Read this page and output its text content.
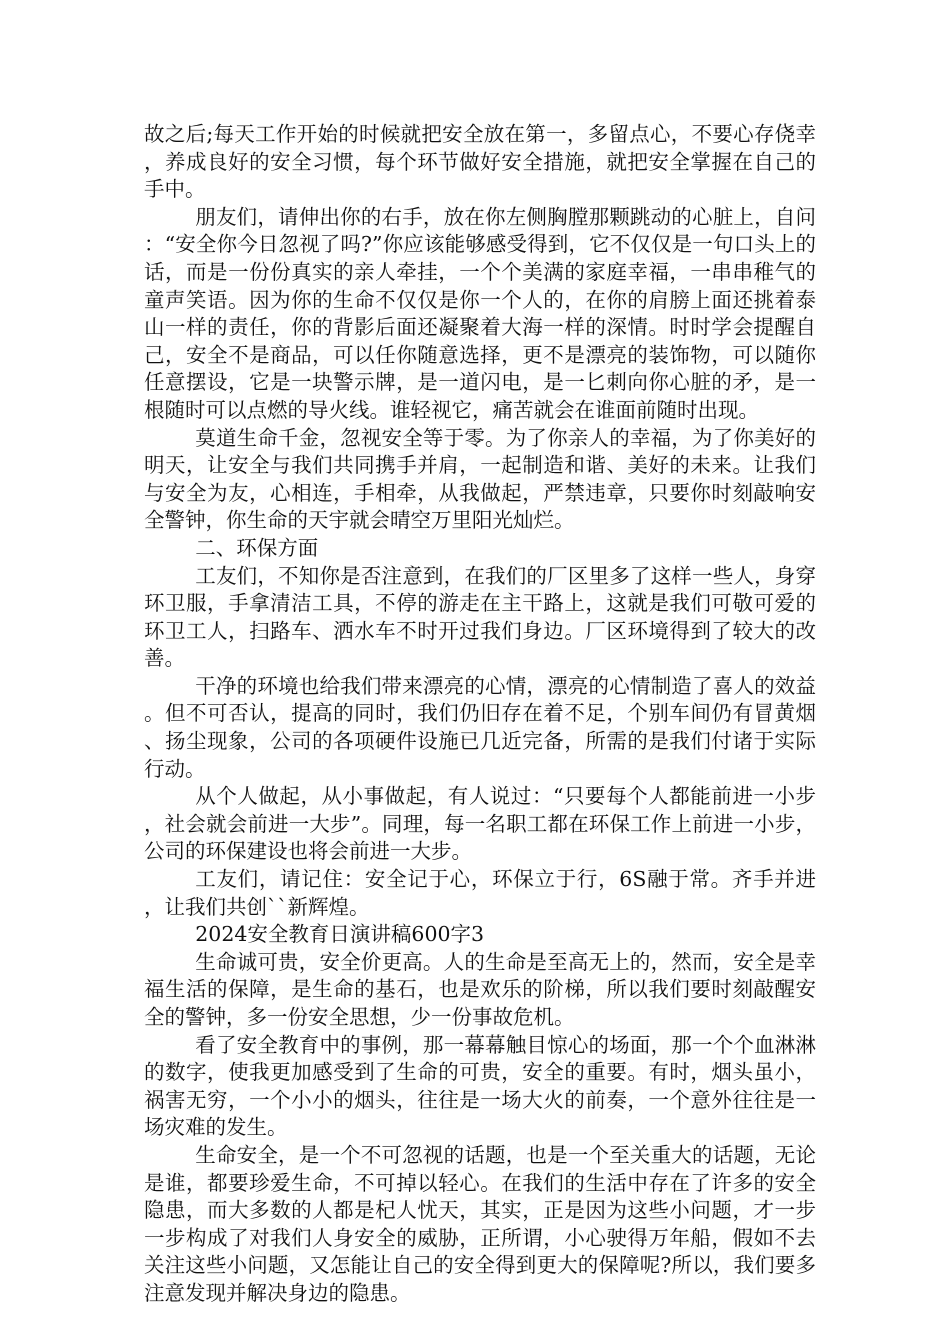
故之后;每天工作开始的时候就把安全放在第一，多留点心，不要心存侥幸，养成良好的安全习惯，每个环节做好安全措施，就把安全掌握在自己的手中。

朋友们，请伸出你的右手，放在你左侧胸膛那颗跳动的心脏上，自问：“安全你今日忽视了吗?”你应该能够感受得到，它不仅仅是一句口头上的话，而是一份份真实的亲人牵挂，一个个美满的家庭幸福，一串串稚气的童声笑语。因为你的生命不仅仅是你一个人的，在你的肩膀上面还挑着泰山一样的责任，你的背影后面还凝聚着大海一样的深情。时时学会提醒自己，安全不是商品，可以任你随意选择，更不是漂亮的装饰物，可以随你任意摆设，它是一块警示牌，是一道闪电，是一匕刺向你心脏的矛，是一根随时可以点燃的导火线。谁轻视它，痛苦就会在谁面前随时出现。

莫道生命千金，忽视安全等于零。为了你亲人的幸福，为了你美好的明天，让安全与我们共同携手并肩，一起制造和谐、美好的未来。让我们与安全为友，心相连，手相牵，从我做起，严禁违章，只要你时刻敲响安全警钟，你生命的天宇就会晴空万里阳光灿烂。

二、环保方面

工友们，不知你是否注意到，在我们的厂区里多了这样一些人，身穿环卫服，手拿清洁工具，不停的游走在主干路上，这就是我们可敬可爱的环卫工人，扫路车、洒水车不时开过我们身边。厂区环境得到了较大的改善。

干净的环境也给我们带来漂亮的心情，漂亮的心情制造了喜人的效益。但不可否认，提高的同时，我们仍旧存在着不足，个别车间仍有冒黄烟、扬尘现象，公司的各项硬件设施已几近完备，所需的是我们付诸于实际行动。

从个人做起，从小事做起，有人说过：“只要每个人都能前进一小步，社会就会前进一大步”。同理，每一名职工都在环保工作上前进一小步，公司的环保建设也将会前进一大步。

工友们，请记住：安全记于心，环保立于行，6S融于常。齐手并进，让我们共创``新辉煌。

2024安全教育日演讲稿600字3

生命诚可贵，安全价更高。人的生命是至高无上的，然而，安全是幸福生活的保障，是生命的基石，也是欢乐的阶梯，所以我们要时刻敲醒安全的警钟，多一份安全思想，少一份事故危机。

看了安全教育中的事例，那一幕幕触目惊心的场面，那一个个血淋淋的数字，使我更加感受到了生命的可贵，安全的重要。有时，烟头虽小，祸害无穷，一个小小的烟头，往往是一场大火的前奏，一个意外往往是一场灾难的发生。

生命安全，是一个不可忽视的话题，也是一个至关重大的话题，无论是谁，都要珍爱生命，不可掉以轻心。在我们的生活中存在了许多的安全隐患，而大多数的人都是杞人忧天，其实，正是因为这些小问题，才一步一步构成了对我们人身安全的威胁，正所谓，小心驶得万年船，假如不去关注这些小问题，又怎能让自己的安全得到更大的保障呢?所以，我们要多注意发现并解决身边的隐患。
